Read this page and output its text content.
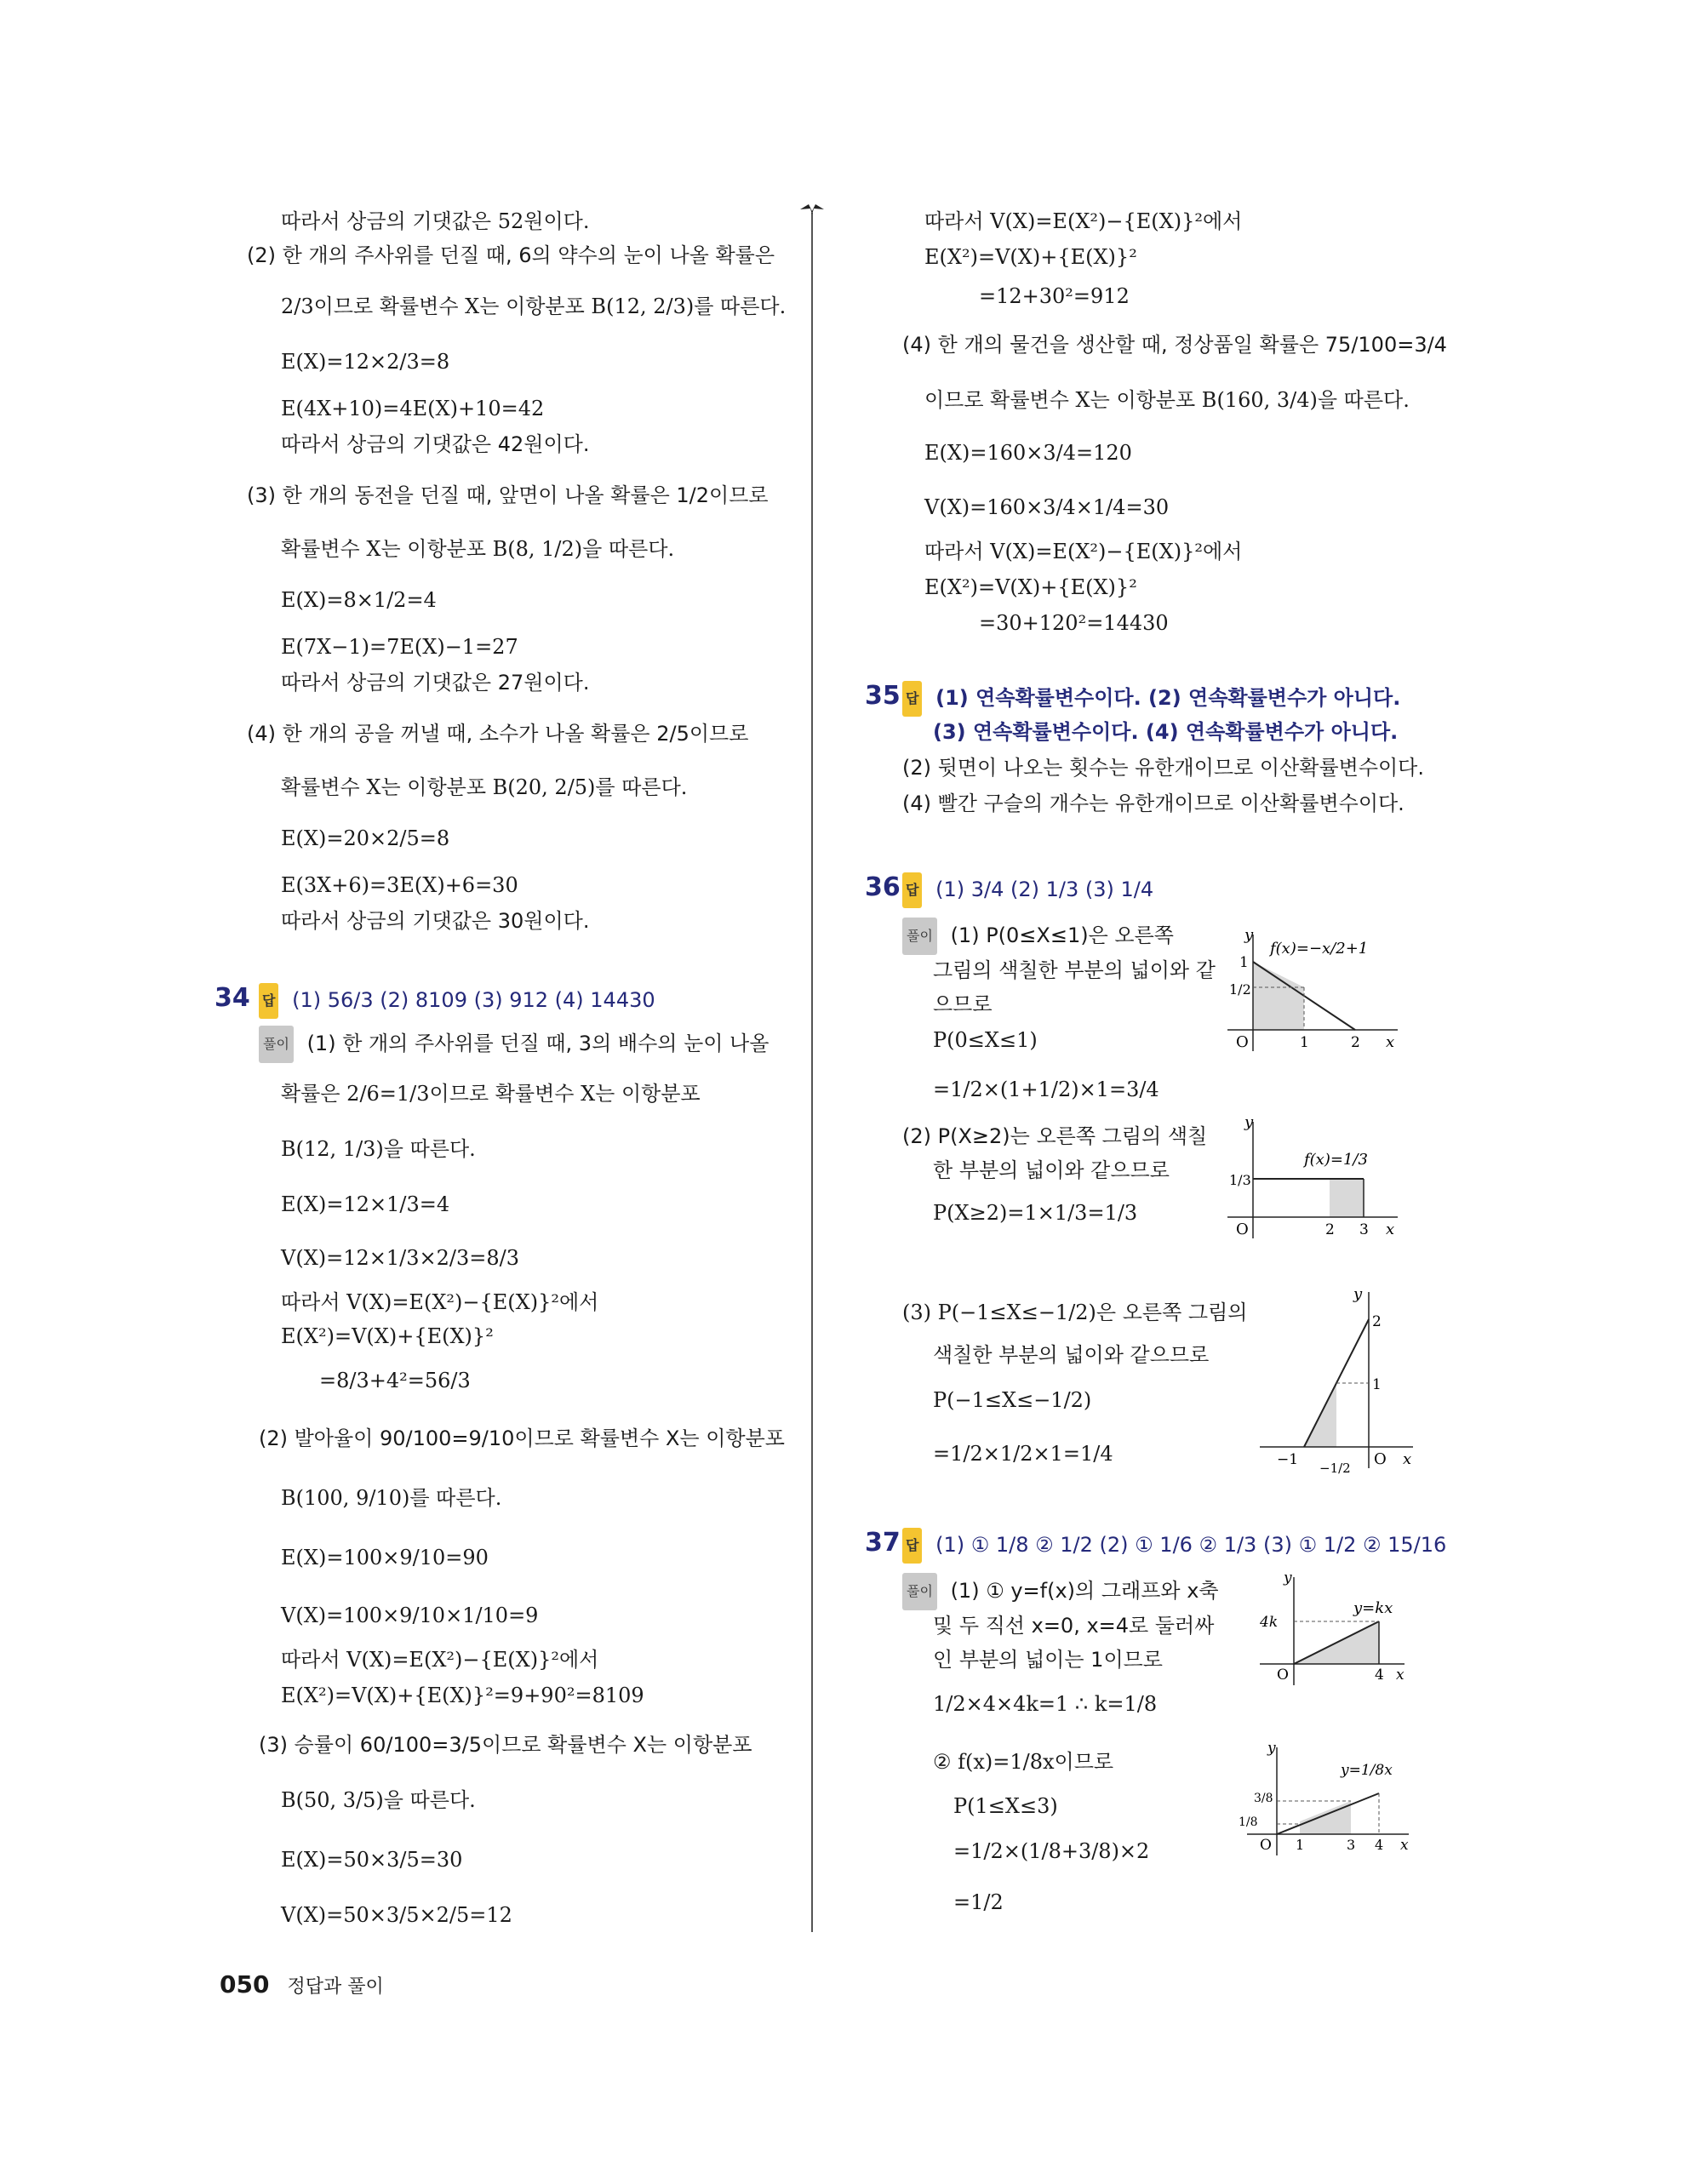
따라서 상금의 기댓값은 52원이다.
(2) 한 개의 주사위를 던질 때, 6의 약수의 눈이 나올 확률은
2/3이므로 확률변수 X는 이항분포 B(12, 2/3)를 따른다.
E(X)=12×2/3=8
E(4X+10)=4E(X)+10=42
따라서 상금의 기댓값은 42원이다.
(3) 한 개의 동전을 던질 때, 앞면이 나올 확률은 1/2이므로
확률변수 X는 이항분포 B(8, 1/2)을 따른다.
E(X)=8×1/2=4
E(7X−1)=7E(X)−1=27
따라서 상금의 기댓값은 27원이다.
(4) 한 개의 공을 꺼낼 때, 소수가 나올 확률은 2/5이므로
확률변수 X는 이항분포 B(20, 2/5)를 따른다.
E(X)=20×2/5=8
E(3X+6)=3E(X)+6=30
따라서 상금의 기댓값은 30원이다.
34 답 (1) 56/3 (2) 8109 (3) 912 (4) 14430
풀이 (1) 한 개의 주사위를 던질 때, 3의 배수의 눈이 나올
확률은 2/6=1/3이므로 확률변수 X는 이항분포
B(12, 1/3)을 따른다.
E(X)=12×1/3=4
V(X)=12×1/3×2/3=8/3
따라서 V(X)=E(X²)−{E(X)}²에서
E(X²)=V(X)+{E(X)}²
=8/3+4²=56/3
(2) 발아율이 90/100=9/10이므로 확률변수 X는 이항분포
B(100, 9/10)를 따른다.
E(X)=100×9/10=90
V(X)=100×9/10×1/10=9
따라서 V(X)=E(X²)−{E(X)}²에서
E(X²)=V(X)+{E(X)}²=9+90²=8109
(3) 승률이 60/100=3/5이므로 확률변수 X는 이항분포
B(50, 3/5)을 따른다.
E(X)=50×3/5=30
V(X)=50×3/5×2/5=12
따라서 V(X)=E(X²)−{E(X)}²에서
E(X²)=V(X)+{E(X)}²
=12+30²=912
(4) 한 개의 물건을 생산할 때, 정상품일 확률은 75/100=3/4
이므로 확률변수 X는 이항분포 B(160, 3/4)을 따른다.
E(X)=160×3/4=120
V(X)=160×3/4×1/4=30
따라서 V(X)=E(X²)−{E(X)}²에서
E(X²)=V(X)+{E(X)}²
=30+120²=14430
35 답 (1) 연속확률변수이다. (2) 연속확률변수가 아니다.
(3) 연속확률변수이다. (4) 연속확률변수가 아니다.
(2) 뒷면이 나오는 횟수는 유한개이므로 이산확률변수이다.
(4) 빨간 구슬의 개수는 유한개이므로 이산확률변수이다.
36 답 (1) 3/4 (2) 1/3 (3) 1/4
풀이 (1) P(0≤X≤1)은 오른쪽
그림의 색칠한 부분의 넓이와 같
으므로
P(0≤X≤1)
=1/2×(1+1/2)×1=3/4
(2) P(X≥2)는 오른쪽 그림의 색칠
한 부분의 넓이와 같으므로
P(X≥2)=1×1/3=1/3
(3) P(−1≤X≤−1/2)은 오른쪽 그림의
색칠한 부분의 넓이와 같으므로
P(−1≤X≤−1/2)
=1/2×1/2×1=1/4
37 답 (1) ① 1/8 ② 1/2 (2) ① 1/6 ② 1/3 (3) ① 1/2 ② 15/16
풀이 (1) ① y=f(x)의 그래프와 x축
및 두 직선 x=0, x=4로 둘러싸
인 부분의 넓이는 1이므로
1/2×4×4k=1 ∴ k=1/8
② f(x)=1/8x이므로
P(1≤X≤3)
=1/2×(1/8+3/8)×2
=1/2
y
f(x)=−x/2+1
1
1/2
O	1	2 x
y
f(x)=1/3
1/3
O	2 3 x
y
2
1
−1 −1/2 O x
y
y=kx
4k
O	4 x
y
y=1/8x
3/8
1/8
O 1	3 4 x
050 정답과 풀이
